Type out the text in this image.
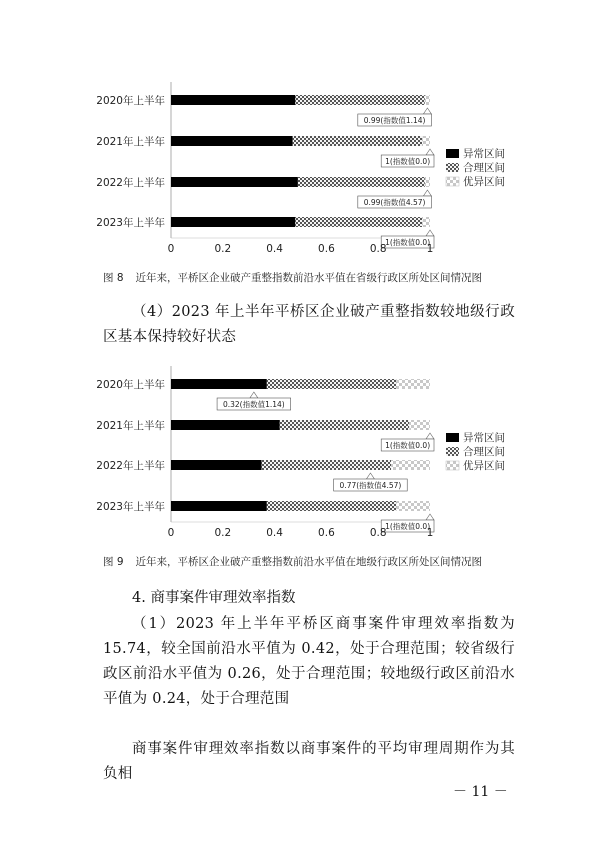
2020年上半年
0.99(指数值1.14)
2021年上半年
1(指数值0.0)
2022年上半年
0.99(指数值4.57)
2023年上半年
1(指数值0.0)
0	0.2	0.4	0.6	0.8	1
异常区间
合理区间
优异区间
图 8 近年来，平桥区企业破产重整指数前沿水平值在省级行政区所处区间情况图
（4）2023 年上半年平桥区企业破产重整指数较地级行政区基本保持较好状态
2020年上半年
0.32(指数值1.14)
2021年上半年
1(指数值0.0)
2022年上半年
0.77(指数值4.57)
2023年上半年
1(指数值0.0)
0	0.2	0.4	0.6	0.8	1
异常区间
合理区间
优异区间
图 9 近年来，平桥区企业破产重整指数前沿水平值在地级行政区所处区间情况图
4. 商事案件审理效率指数
（1）2023 年上半年平桥区商事案件审理效率指数为 15.74，较全国前沿水平值为 0.42，处于合理范围；较省级行政区前沿水平值为 0.26，处于合理范围；较地级行政区前沿水平值为 0.24，处于合理范围
商事案件审理效率指数以商事案件的平均审理周期作为其负相
－ 11 －
